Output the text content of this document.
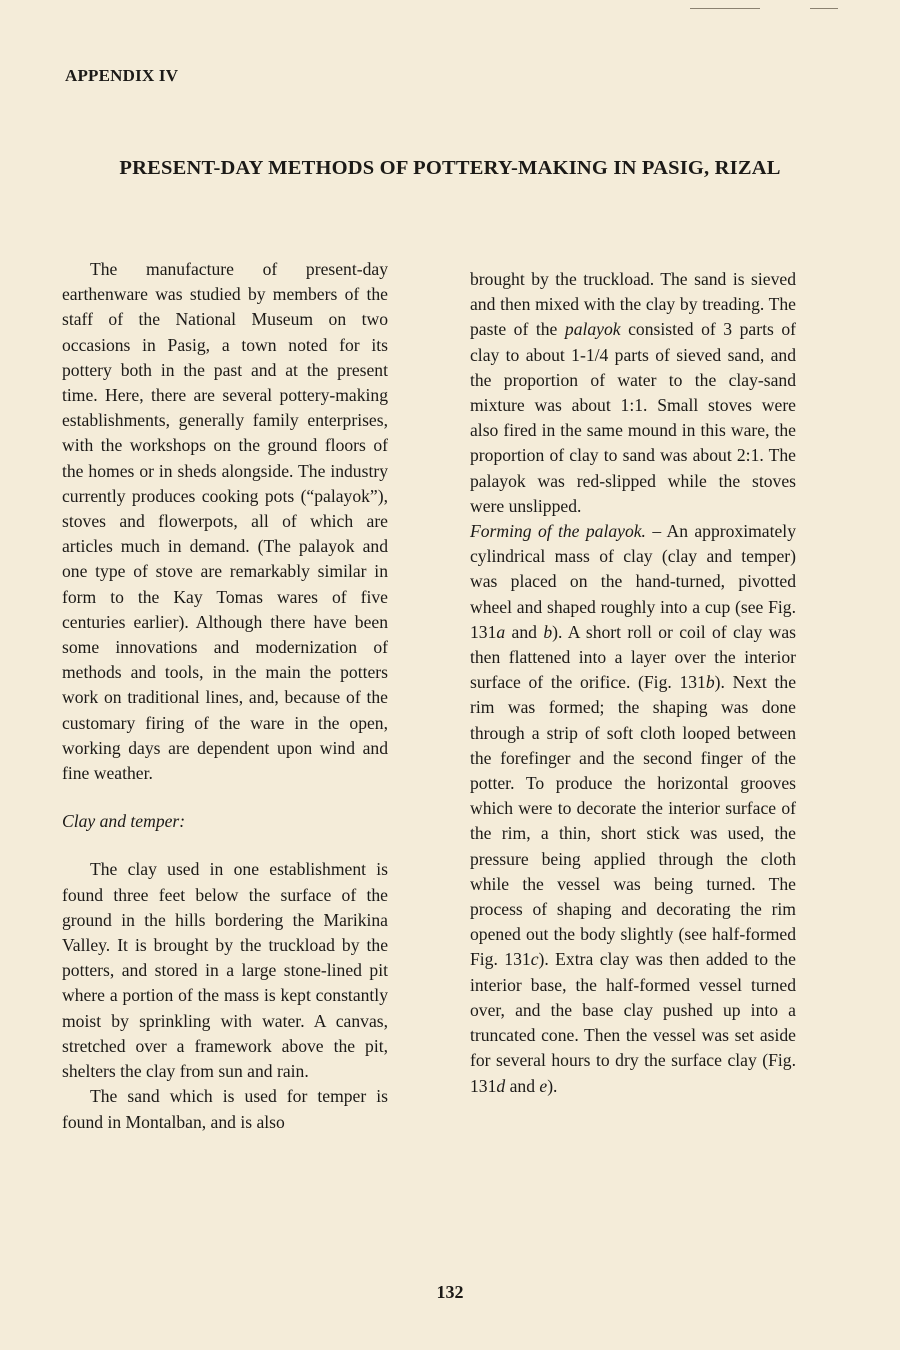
APPENDIX IV
PRESENT-DAY METHODS OF POTTERY-MAKING IN PASIG, RIZAL

The manufacture of present-day earthenware was studied by members of the staff of the National Museum on two occasions in Pasig, a town noted for its pottery both in the past and at the present time. Here, there are several pottery-making establishments, generally family enterprises, with the workshops on the ground floors of the homes or in sheds alongside. The industry currently produces cooking pots (“palayok”), stoves and flowerpots, all of which are articles much in demand. (The palayok and one type of stove are remarkably similar in form to the Kay Tomas wares of five centuries earlier). Although there have been some innovations and modernization of methods and tools, in the main the potters work on traditional lines, and, because of the customary firing of the ware in the open, working days are dependent upon wind and fine weather.

Clay and temper:

The clay used in one establishment is found three feet below the surface of the ground in the hills bordering the Marikina Valley. It is brought by the truckload by the potters, and stored in a large stone-lined pit where a portion of the mass is kept constantly moist by sprinkling with water. A canvas, stretched over a framework above the pit, shelters the clay from sun and rain.

The sand which is used for temper is found in Montalban, and is also

brought by the truckload. The sand is sieved and then mixed with the clay by treading. The paste of the palayok consisted of 3 parts of clay to about 1-1/4 parts of sieved sand, and the proportion of water to the clay-sand mixture was about 1:1. Small stoves were also fired in the same mound in this ware, the proportion of clay to sand was about 2:1. The palayok was red-slipped while the stoves were unslipped.

Forming of the palayok. – An approximately cylindrical mass of clay (clay and temper) was placed on the hand-turned, pivotted wheel and shaped roughly into a cup (see Fig. 131a and b). A short roll or coil of clay was then flattened into a layer over the interior surface of the orifice. (Fig. 131b). Next the rim was formed; the shaping was done through a strip of soft cloth looped between the forefinger and the second finger of the potter. To produce the horizontal grooves which were to decorate the interior surface of the rim, a thin, short stick was used, the pressure being applied through the cloth while the vessel was being turned. The process of shaping and decorating the rim opened out the body slightly (see half-formed Fig. 131c). Extra clay was then added to the interior base, the half-formed vessel turned over, and the base clay pushed up into a truncated cone. Then the vessel was set aside for several hours to dry the surface clay (Fig. 131d and e).

132
